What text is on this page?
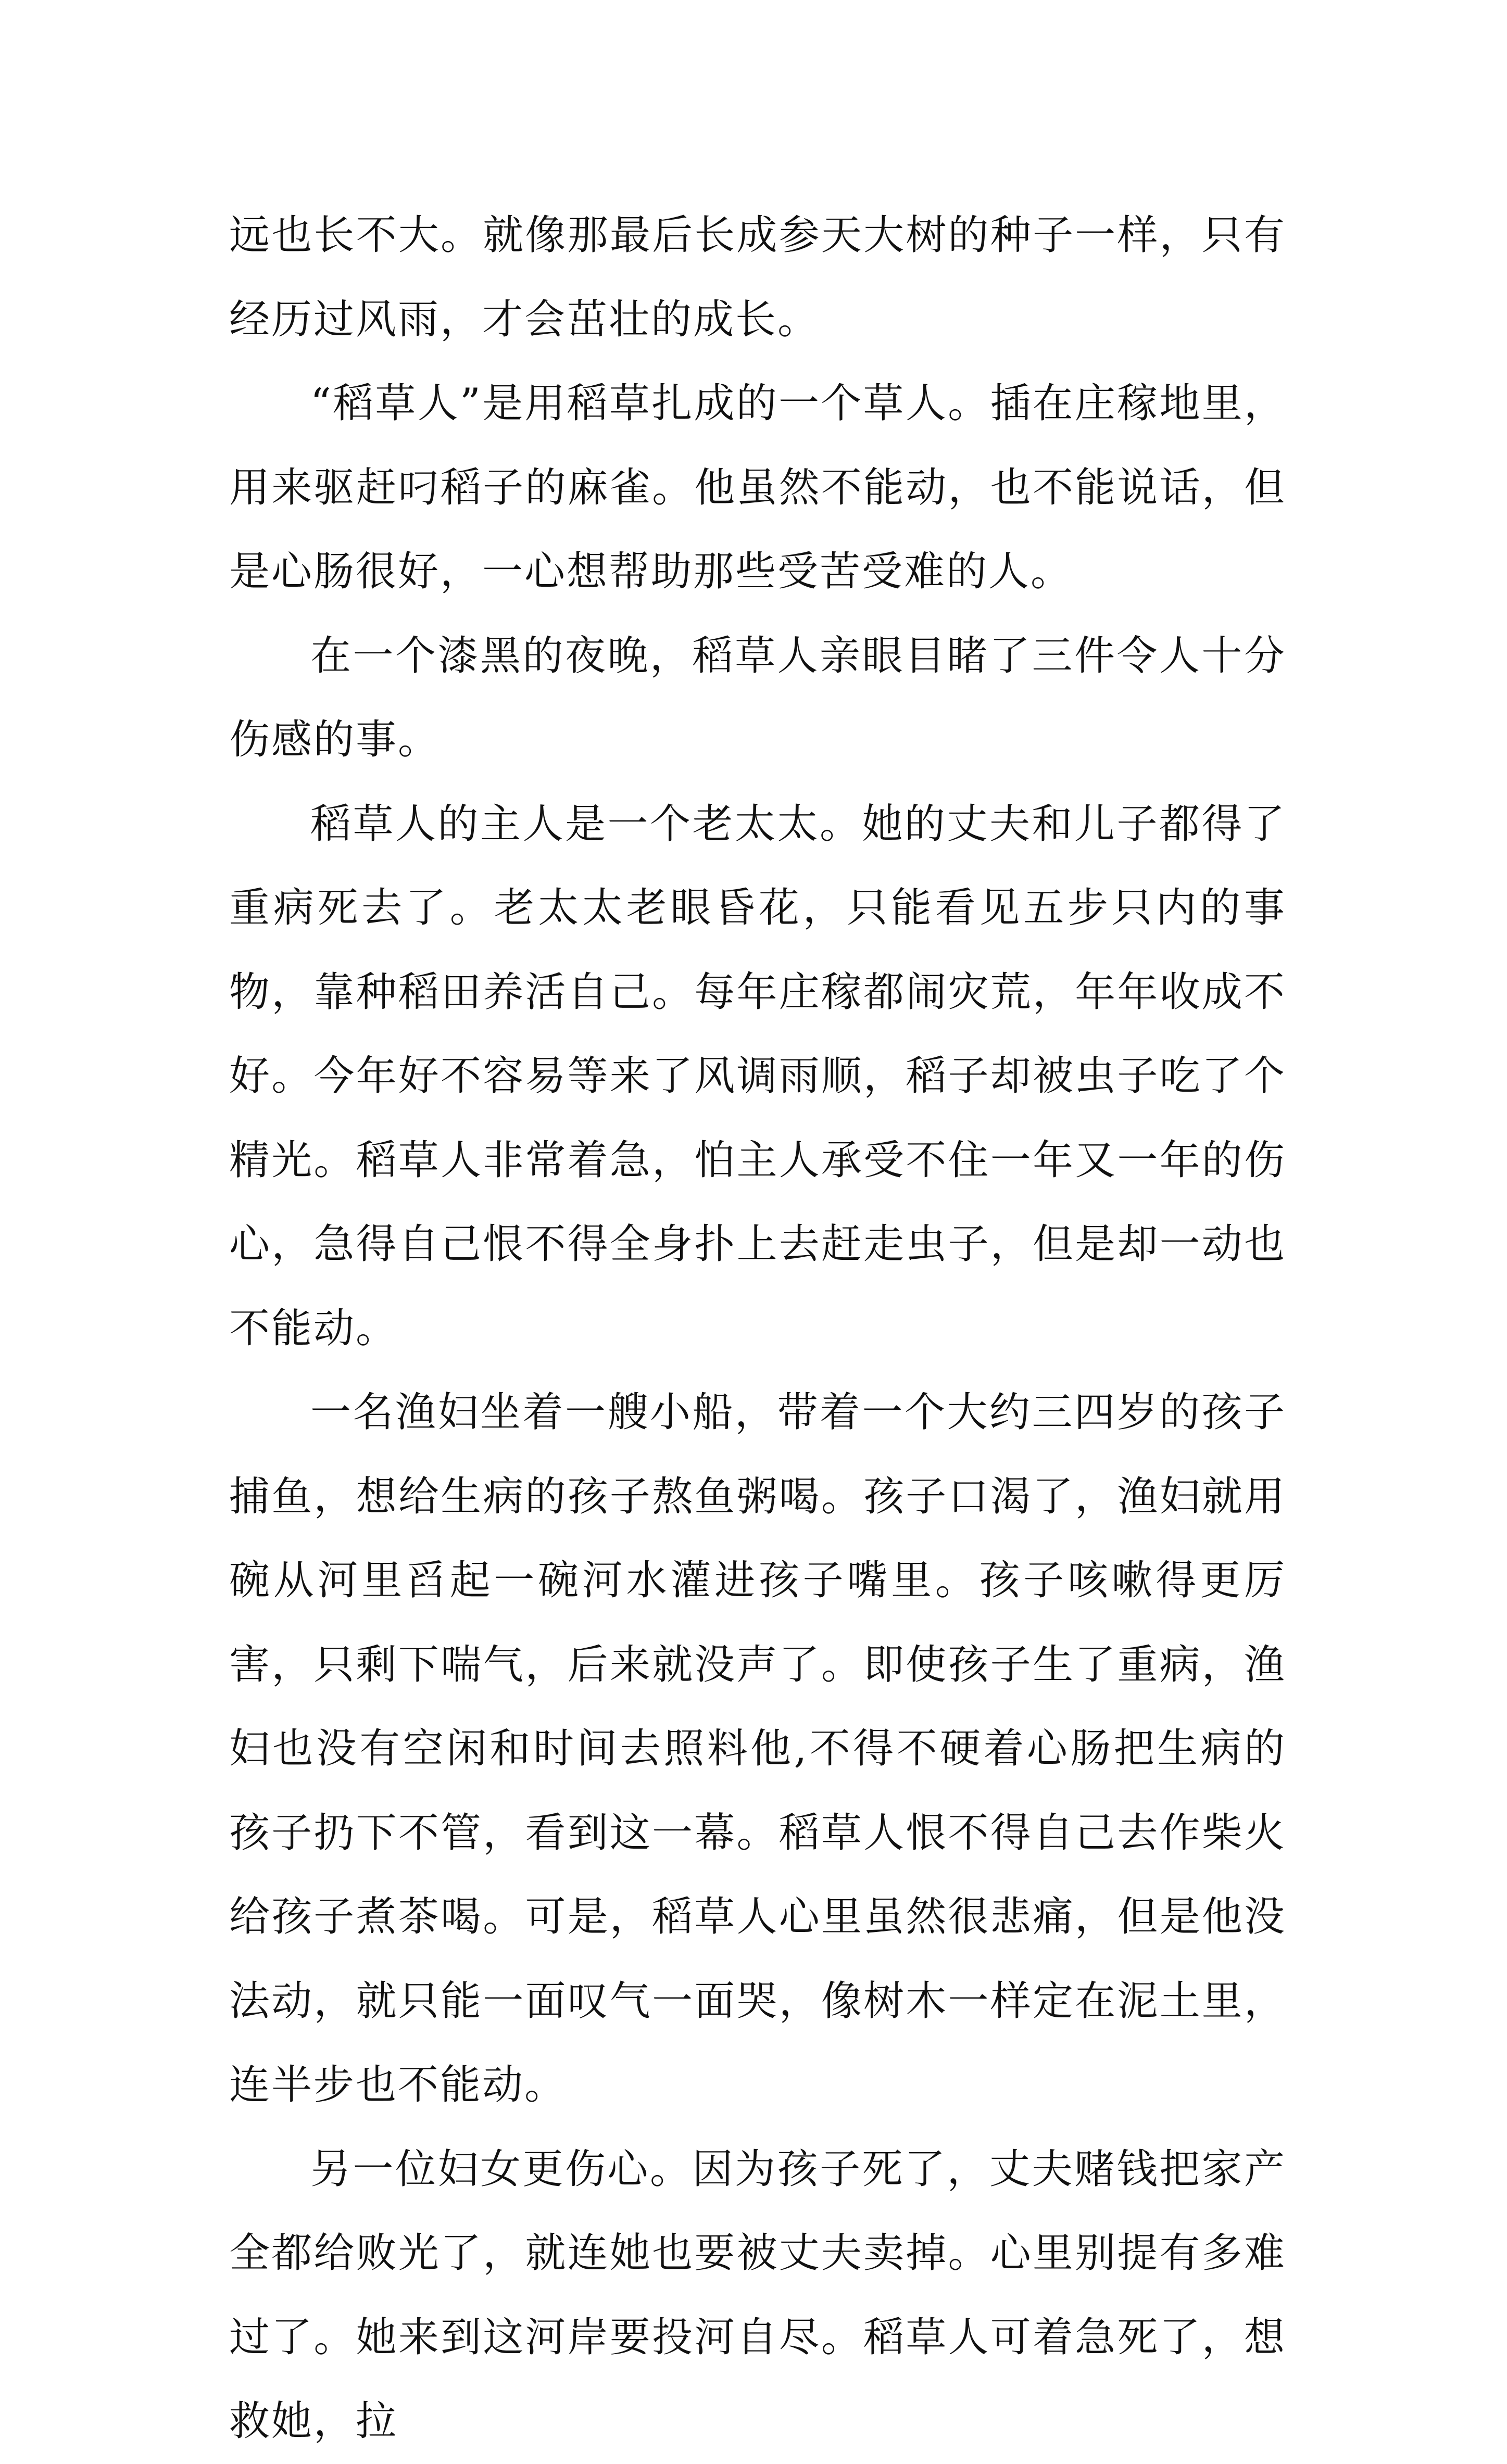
远也长不大。就像那最后长成参天大树的种子一样，只有经历过风雨，才会茁壮的成长。

“稻草人”是用稻草扎成的一个草人。插在庄稼地里，用来驱赶叼稻子的麻雀。他虽然不能动，也不能说话，但是心肠很好，一心想帮助那些受苦受难的人。

在一个漆黑的夜晚，稻草人亲眼目睹了三件令人十分伤感的事。

稻草人的主人是一个老太太。她的丈夫和儿子都得了重病死去了。老太太老眼昏花，只能看见五步只内的事物，靠种稻田养活自己。每年庄稼都闹灾荒，年年收成不好。今年好不容易等来了风调雨顺，稻子却被虫子吃了个精光。稻草人非常着急，怕主人承受不住一年又一年的伤心，急得自己恨不得全身扑上去赶走虫子，但是却一动也不能动。

一名渔妇坐着一艘小船，带着一个大约三四岁的孩子捕鱼，想给生病的孩子熬鱼粥喝。孩子口渴了，渔妇就用碗从河里舀起一碗河水灌进孩子嘴里。孩子咳嗽得更厉害，只剩下喘气，后来就没声了。即使孩子生了重病，渔妇也没有空闲和时间去照料他,不得不硬着心肠把生病的孩子扔下不管，看到这一幕。稻草人恨不得自己去作柴火给孩子煮茶喝。可是，稻草人心里虽然很悲痛，但是他没法动，就只能一面叹气一面哭，像树木一样定在泥土里，连半步也不能动。

另一位妇女更伤心。因为孩子死了，丈夫赌钱把家产全都给败光了，就连她也要被丈夫卖掉。心里别提有多难过了。她来到这河岸要投河自尽。稻草人可着急死了，想救她，拉
